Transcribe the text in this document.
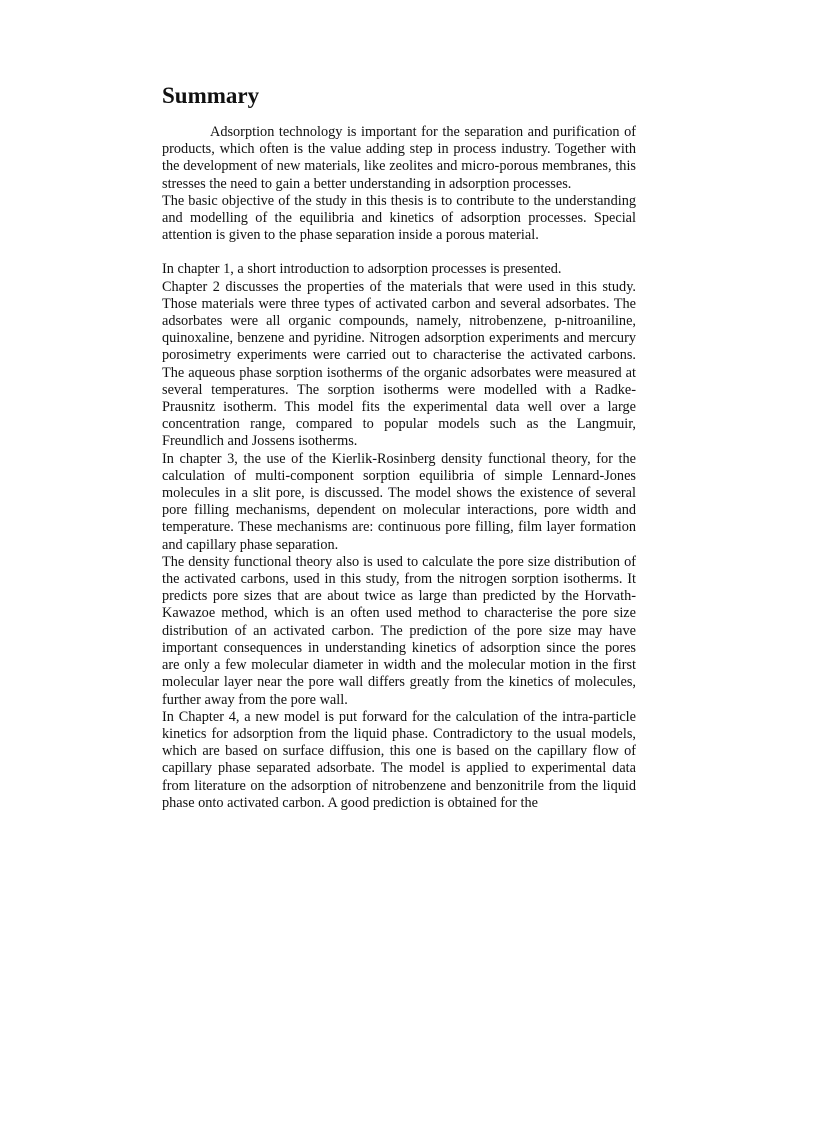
Summary

Adsorption technology is important for the separation and purification of products, which often is the value adding step in process industry. Together with the development of new materials, like zeolites and micro-porous membranes, this stresses the need to gain a better understanding in adsorption processes.

The basic objective of the study in this thesis is to contribute to the understanding and modelling of the equilibria and kinetics of adsorption processes. Special attention is given to the phase separation inside a porous material.

In chapter 1, a short introduction to adsorption processes is presented.

Chapter 2 discusses the properties of the materials that were used in this study. Those materials were three types of activated carbon and several adsorbates. The adsorbates were all organic compounds, namely, nitrobenzene, p-nitroaniline, quinoxaline, benzene and pyridine. Nitrogen adsorption experiments and mercury porosimetry experiments were carried out to characterise the activated carbons. The aqueous phase sorption isotherms of the organic adsorbates were measured at several temperatures. The sorption isotherms were modelled with a Radke-Prausnitz isotherm. This model fits the experimental data well over a large concentration range, compared to popular models such as the Langmuir, Freundlich and Jossens isotherms.

In chapter 3, the use of the Kierlik-Rosinberg density functional theory, for the calculation of multi-component sorption equilibria of simple Lennard-Jones molecules in a slit pore, is discussed. The model shows the existence of several pore filling mechanisms, dependent on molecular interactions, pore width and temperature. These mechanisms are: continuous pore filling, film layer formation and capillary phase separation.

The density functional theory also is used to calculate the pore size distribution of the activated carbons, used in this study, from the nitrogen sorption isotherms. It predicts pore sizes that are about twice as large than predicted by the Horvath-Kawazoe method, which is an often used method to characterise the pore size distribution of an activated carbon. The prediction of the pore size may have important consequences in understanding kinetics of adsorption since the pores are only a few molecular diameter in width and the molecular motion in the first molecular layer near the pore wall differs greatly from the kinetics of molecules, further away from the pore wall.

In Chapter 4, a new model is put forward for the calculation of the intra-particle kinetics for adsorption from the liquid phase. Contradictory to the usual models, which are based on surface diffusion, this one is based on the capillary flow of capillary phase separated adsorbate. The model is applied to experimental data from literature on the adsorption of nitrobenzene and benzonitrile from the liquid phase onto activated carbon. A good prediction is obtained for the
